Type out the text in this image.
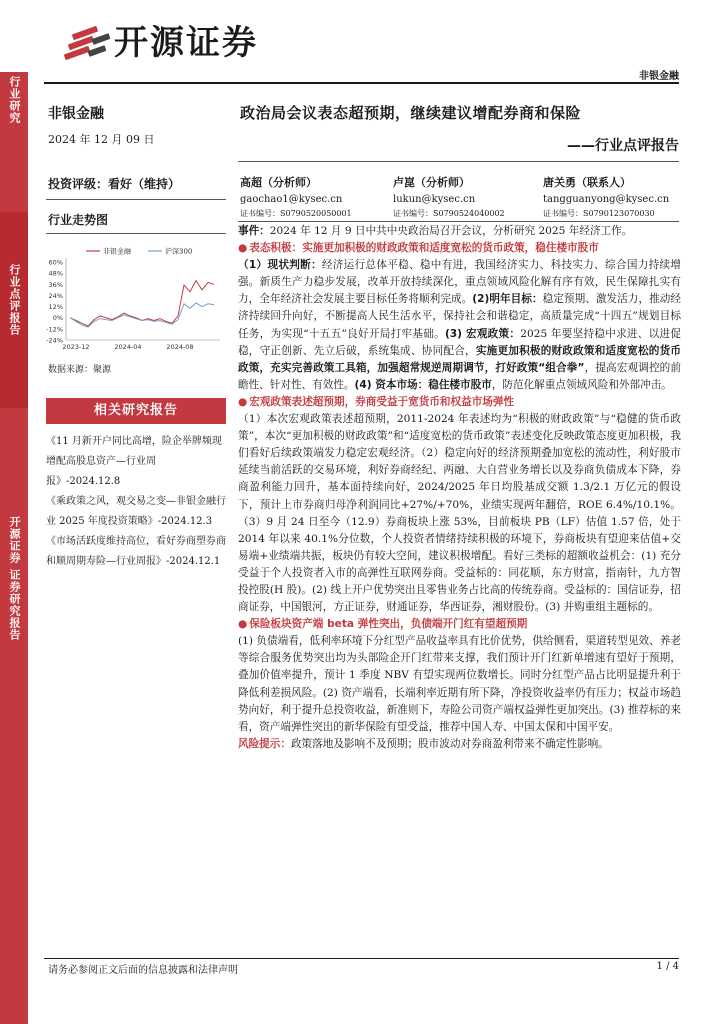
开源证券
非银金融
行业研究
行业点评报告
开源证券 证券研究报告
非银金融
2024 年 12 月 09 日
投资评级：看好（维持）
行业走势图
60%
48%
36%
24%
12%
0%
-12%
-24%
2023-12	2024-04	2024-08
非银金融	沪深300
数据来源：聚源
相关研究报告
《11 月新开户同比高增，险企举牌频现增配高股息资产—行业周报》-2024.12.8
《乘政策之风，观交易之变—非银金融行业 2025 年度投资策略》-2024.12.3
《市场活跃度维持高位，看好券商塑券商和顺周期寿险—行业周报》-2024.12.1
政治局会议表态超预期，继续建议增配券商和保险
——行业点评报告
高超（分析师）
gaochao1@kysec.cn
证书编号：S0790520050001
卢崑（分析师）
lukun@kysec.cn
证书编号：S0790524040002
唐关勇（联系人）
tangguanyong@kysec.cn
证书编号：S0790123070030

事件：2024 年 12 月 9 日中共中央政治局召开会议，分析研究 2025 年经济工作。

● 表态积极：实施更加积极的财政政策和适度宽松的货币政策，稳住楼市股市

（1）现状判断：经济运行总体平稳、稳中有进，我国经济实力、科技实力、综合国力持续增强。新质生产力稳步发展，改革开放持续深化，重点领域风险化解有序有效，民生保障扎实有力，全年经济社会发展主要目标任务将顺利完成。(2)明年目标：稳定预期、激发活力，推动经济持续回升向好，不断提高人民生活水平，保持社会和谐稳定，高质量完成“十四五”规划目标任务，为实现“十五五”良好开局打牢基础。(3) 宏观政策：2025 年要坚持稳中求进、以进促稳，守正创新、先立后破，系统集成、协同配合，实施更加积极的财政政策和适度宽松的货币政策，充实完善政策工具箱，加强超常规逆周期调节，打好政策“组合拳”，提高宏观调控的前瞻性、针对性、有效性。(4) 资本市场：稳住楼市股市，防范化解重点领域风险和外部冲击。

● 宏观政策表述超预期，券商受益于宽货币和权益市场弹性

（1）本次宏观政策表述超预期，2011-2024 年表述均为“积极的财政政策”与“稳健的货币政策”，本次“更加积极的财政政策”和“适度宽松的货币政策”表述变化反映政策态度更加积极，我们看好后续政策端发力稳定宏观经济。（2）稳定向好的经济预期叠加宽松的流动性，利好股市延续当前活跃的交易环境，利好券商经纪、两融、大自营业务增长以及券商负债成本下降，券商盈利能力回升，基本面持续向好，2024/2025 年日均股基成交额 1.3/2.1 万亿元的假设下，预计上市券商归母净利润同比+27%/+70%，业绩实现两年翻倍，ROE 6.4%/10.1%。（3）9 月 24 日至今（12.9）券商板块上涨 53%，目前板块 PB（LF）估值 1.57 倍，处于 2014 年以来 40.1%分位数，个人投资者情绪持续积极的环境下，券商板块有望迎来估值+交易端+业绩端共振，板块仍有较大空间，建议积极增配。看好三类标的超额收益机会：(1) 充分受益于个人投资者入市的高弹性互联网券商。受益标的：同花顺，东方财富，指南针，九方智投控股(H 股)。(2) 线上开户优势突出且零售业务占比高的传统券商。受益标的：国信证券，招商证券，中国银河，方正证券，财通证券，华西证券，湘财股份。(3) 并购重组主题标的。

● 保险板块资产端 beta 弹性突出，负债端开门红有望超预期

(1) 负债端看，低利率环境下分红型产品收益率具有比价优势，供给侧看，渠道转型见效、养老等综合服务优势突出均为头部险企开门红带来支撑，我们预计开门红新单增速有望好于预期，叠加价值率提升，预计 1 季度 NBV 有望实现两位数增长。同时分红型产品占比明显提升利于降低利差损风险。(2) 资产端看，长端利率近期有所下降，净投资收益率仍有压力；权益市场趋势向好，利于提升总投资收益，新准则下，寿险公司资产端权益弹性更加突出。(3) 推荐标的来看，资产端弹性突出的新华保险有望受益，推荐中国人寿、中国太保和中国平安。

风险提示：政策落地及影响不及预期；股市波动对券商盈利带来不确定性影响。

请务必参阅正文后面的信息披露和法律声明	1 / 4
